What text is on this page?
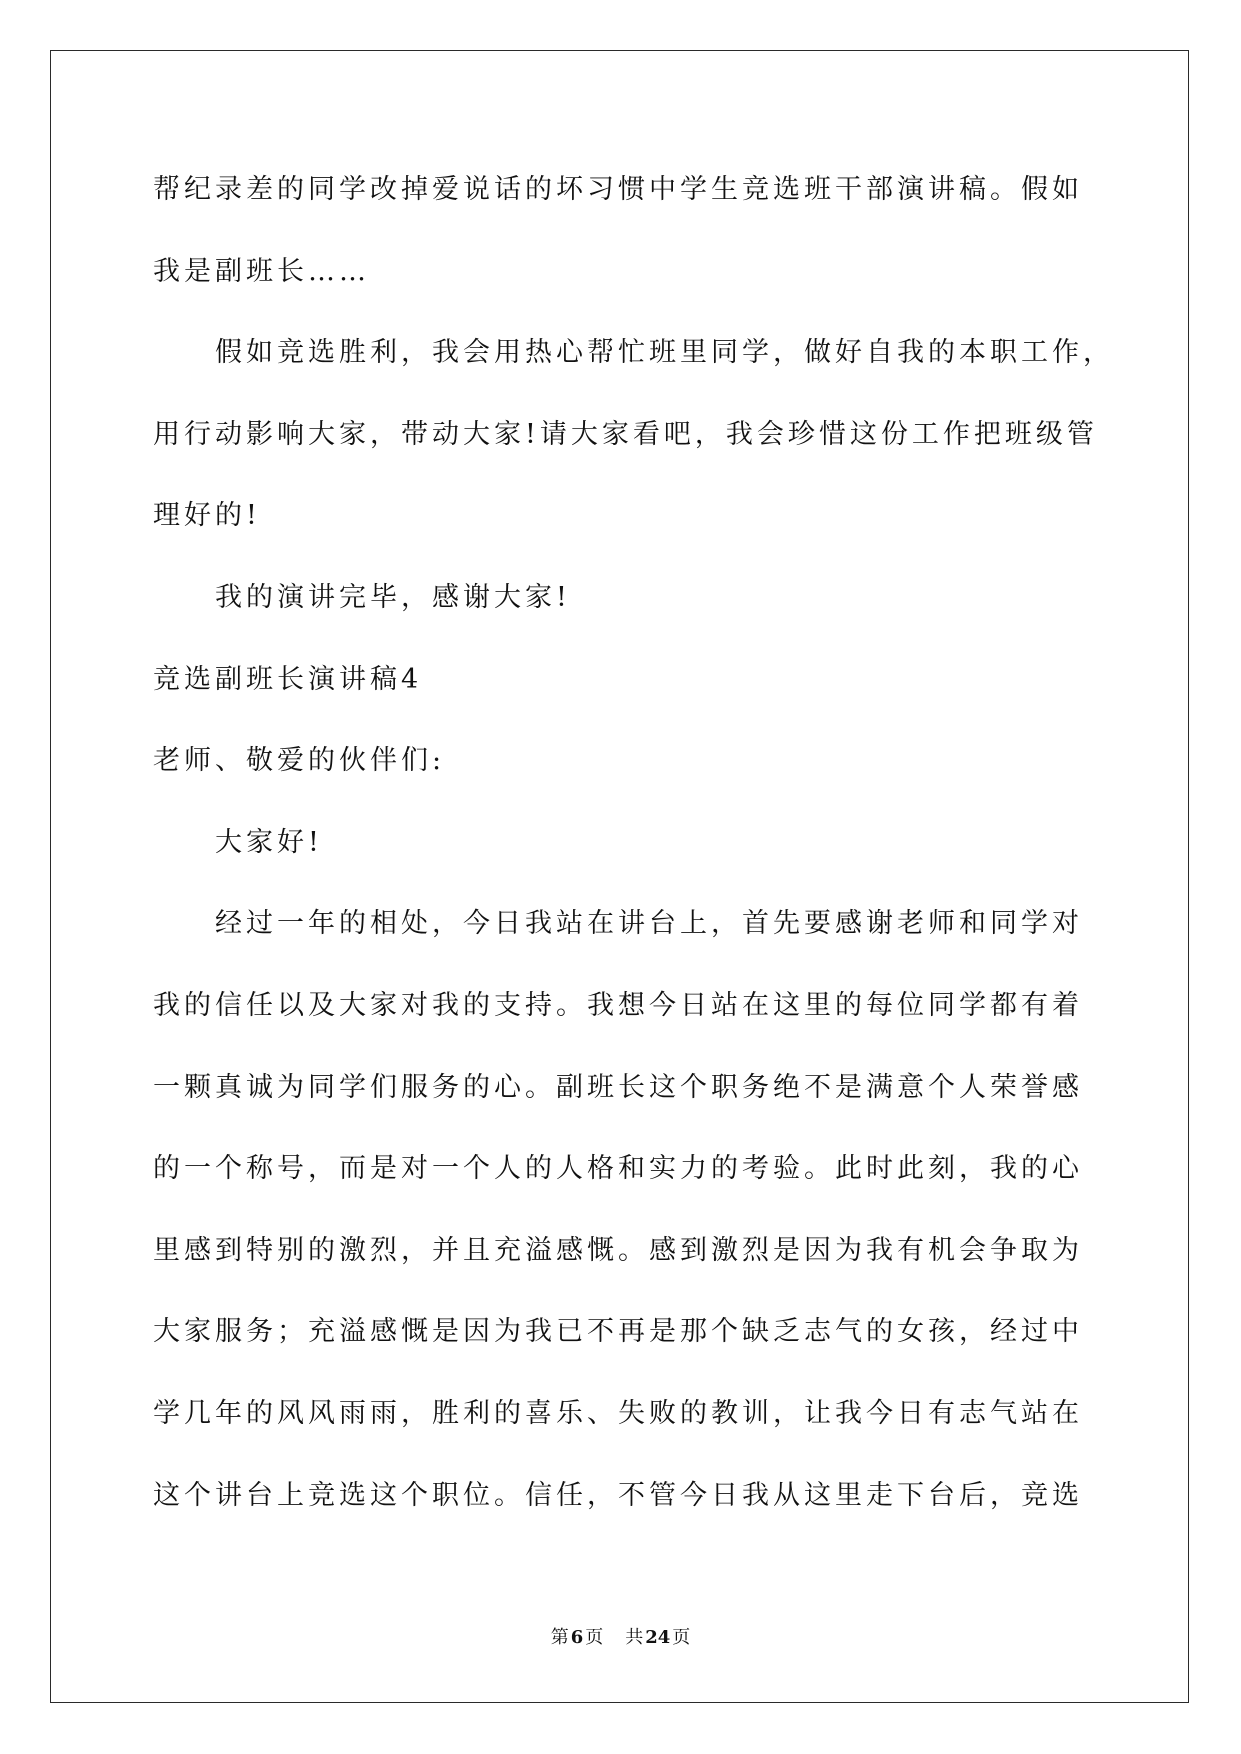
帮纪录差的同学改掉爱说话的坏习惯中学生竞选班干部演讲稿。假如
我是副班长……
假如竞选胜利，我会用热心帮忙班里同学，做好自我的本职工作，
用行动影响大家，带动大家!请大家看吧，我会珍惜这份工作把班级管
理好的!
我的演讲完毕，感谢大家!
竞选副班长演讲稿4
老师、敬爱的伙伴们:
大家好!
经过一年的相处，今日我站在讲台上，首先要感谢老师和同学对
我的信任以及大家对我的支持。我想今日站在这里的每位同学都有着
一颗真诚为同学们服务的心。副班长这个职务绝不是满意个人荣誉感
的一个称号，而是对一个人的人格和实力的考验。此时此刻，我的心
里感到特别的激烈，并且充溢感慨。感到激烈是因为我有机会争取为
大家服务；充溢感慨是因为我已不再是那个缺乏志气的女孩，经过中
学几年的风风雨雨，胜利的喜乐、失败的教训，让我今日有志气站在
这个讲台上竞选这个职位。信任，不管今日我从这里走下台后，竞选
第 6 页 共 24 页
